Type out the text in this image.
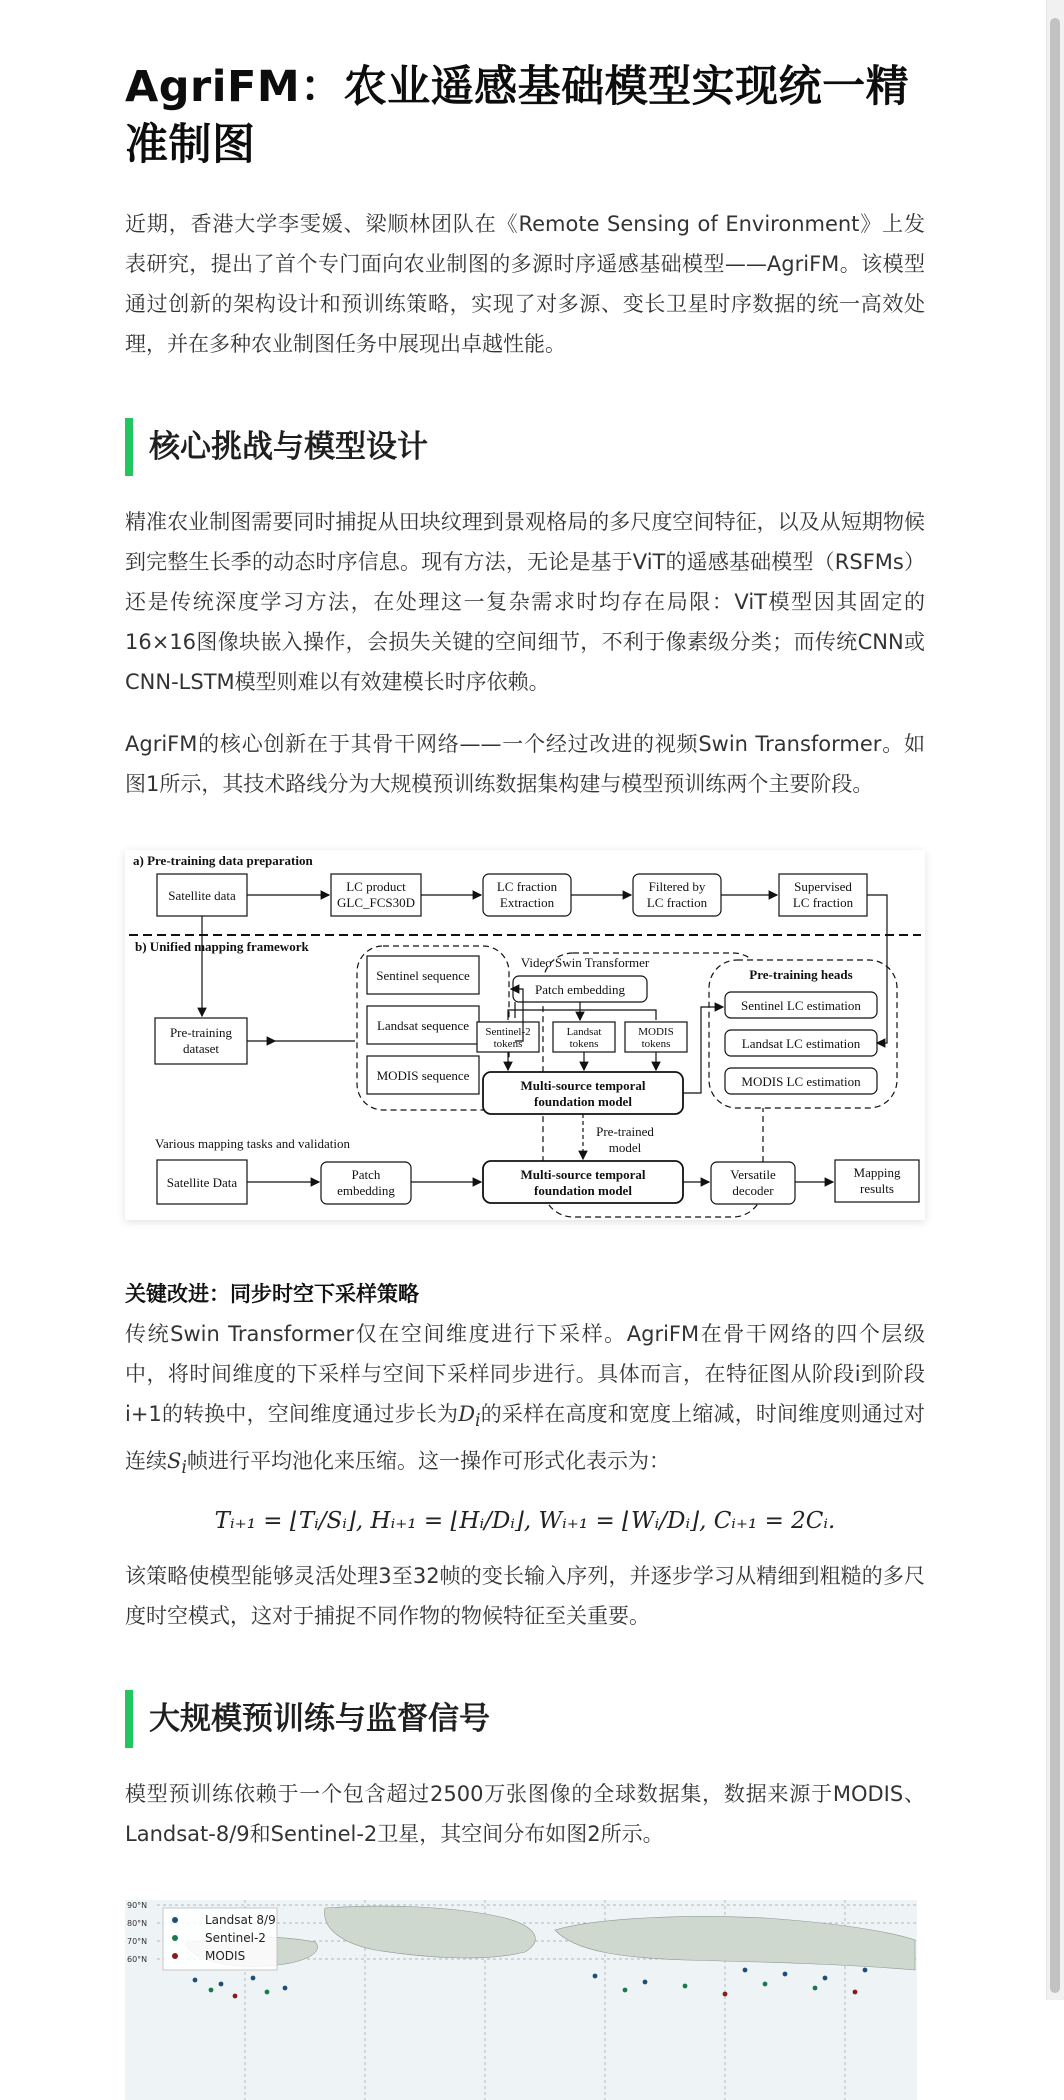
AgriFM：农业遥感基础模型实现统一精准制图

近期，香港大学李雯媛、梁顺林团队在《Remote Sensing of Environment》上发表研究，提出了首个专门面向农业制图的多源时序遥感基础模型——AgriFM。该模型通过创新的架构设计和预训练策略，实现了对多源、变长卫星时序数据的统一高效处理，并在多种农业制图任务中展现出卓越性能。

核心挑战与模型设计

精准农业制图需要同时捕捉从田块纹理到景观格局的多尺度空间特征，以及从短期物候到完整生长季的动态时序信息。现有方法，无论是基于ViT的遥感基础模型（RSFMs）还是传统深度学习方法，在处理这一复杂需求时均存在局限：ViT模型因其固定的16×16图像块嵌入操作，会损失关键的空间细节，不利于像素级分类；而传统CNN或CNN-LSTM模型则难以有效建模长时序依赖。

AgriFM的核心创新在于其骨干网络——一个经过改进的视频Swin Transformer。如图1所示，其技术路线分为大规模预训练数据集构建与模型预训练两个主要阶段。

a) Pre-training data preparation
b) Unified mapping framework
Satellite data
LC product
GLC_FCS30D
LC fraction
Extraction
Filtered by
LC fraction
Supervised
LC fraction
Pre-training
dataset
Sentinel sequence
Landsat sequence
MODIS sequence
Video Swin Transformer
Patch embedding
Sentinel-2
tokens
Landsat
tokens
MODIS
tokens
Multi-source temporal
foundation model
Pre-trained
model
Pre-training heads
Sentinel LC estimation
Landsat LC estimation
MODIS LC estimation
Various mapping tasks and validation
Satellite Data
Patch
embedding
Multi-source temporal
foundation model
Versatile
decoder
Mapping
results
关键改进：同步时空下采样策略

传统Swin Transformer仅在空间维度进行下采样。AgriFM在骨干网络的四个层级中，将时间维度的下采样与空间下采样同步进行。具体而言，在特征图从阶段i到阶段i+1的转换中，空间维度通过步长为$D_i$的采样在高度和宽度上缩减，时间维度则通过对连续$S_i$帧进行平均池化来压缩。这一操作可形式化表示为：

Tᵢ₊₁ = ⌊Tᵢ/Sᵢ⌋, Hᵢ₊₁ = ⌊Hᵢ/Dᵢ⌋, Wᵢ₊₁ = ⌊Wᵢ/Dᵢ⌋, Cᵢ₊₁ = 2Cᵢ.

该策略使模型能够灵活处理3至32帧的变长输入序列，并逐步学习从精细到粗糙的多尺度时空模式，这对于捕捉不同作物的物候特征至关重要。

大规模预训练与监督信号

模型预训练依赖于一个包含超过2500万张图像的全球数据集，数据来源于MODIS、Landsat-8/9和Sentinel-2卫星，其空间分布如图2所示。

Landsat 8/9
Sentinel-2
MODIS
90°N
80°N
70°N
60°N
